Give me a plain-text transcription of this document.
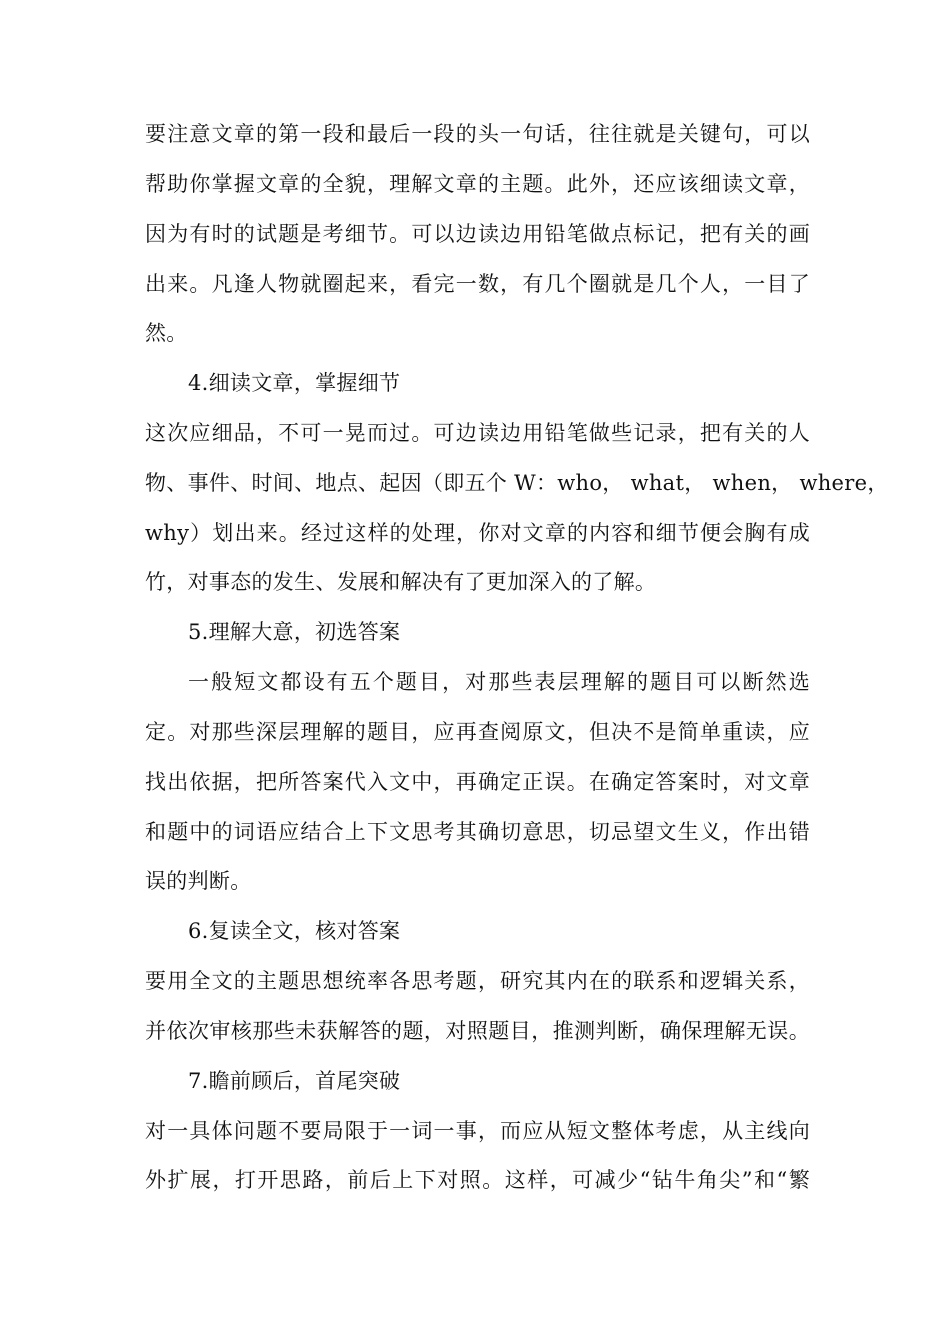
要注意文章的第一段和最后一段的头一句话，往往就是关键句，可以
帮助你掌握文章的全貌，理解文章的主题。此外，还应该细读文章，
因为有时的试题是考细节。可以边读边用铅笔做点标记，把有关的画
出来。凡逢人物就圈起来，看完一数，有几个圈就是几个人，一目了
然。
4.细读文章，掌握细节
这次应细品，不可一晃而过。可边读边用铅笔做些记录，把有关的人
物、事件、时间、地点、起因（即五个 W：who， what， when， where，
why）划出来。经过这样的处理，你对文章的内容和细节便会胸有成
竹，对事态的发生、发展和解决有了更加深入的了解。
5.理解大意，初选答案
一般短文都设有五个题目，对那些表层理解的题目可以断然选
定。对那些深层理解的题目，应再查阅原文，但决不是简单重读，应
找出依据，把所答案代入文中，再确定正误。在确定答案时，对文章
和题中的词语应结合上下文思考其确切意思，切忌望文生义，作出错
误的判断。
6.复读全文，核对答案
要用全文的主题思想统率各思考题，研究其内在的联系和逻辑关系，
并依次审核那些未获解答的题，对照题目，推测判断，确保理解无误。
7.瞻前顾后，首尾突破
对一具体问题不要局限于一词一事，而应从短文整体考虑，从主线向
外扩展，打开思路，前后上下对照。这样，可减少“钻牛角尖”和“繁
